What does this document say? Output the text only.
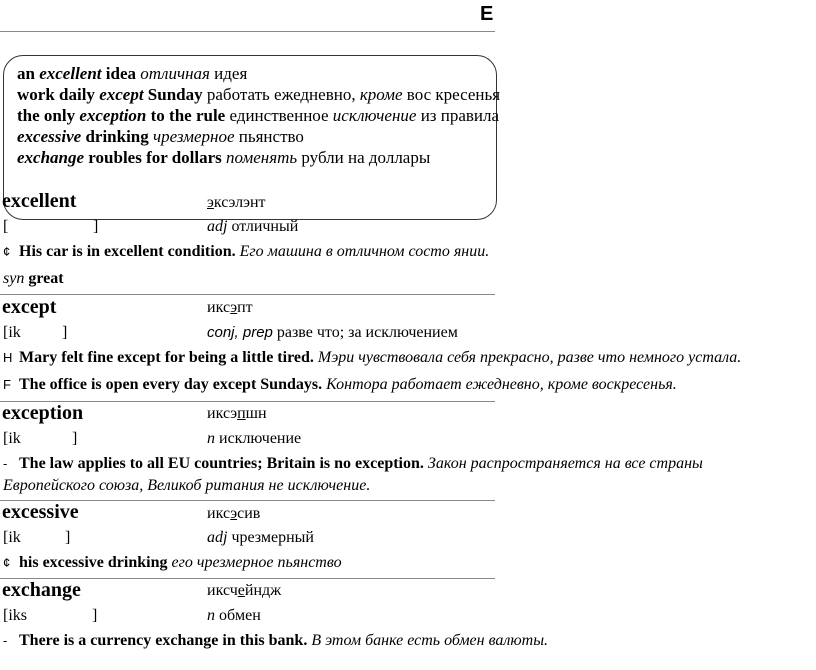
E
an excellent idea отличная идея
work daily except Sunday работать ежедневно, кроме вос кресенья
the only exception to the rule единственное исключение из правила
excessive drinking чрезмерное пьянство
exchange roubles for dollars поменять рубли на доллары
excellent	эксэлэнт
[	]	adj отличный
¢ His car is in excellent condition. Его машина в отличном состо янии.
syn great
except	иксэпт
[ik	]	conj, prep разве что; за исключением
H Mary felt fine except for being a little tired. Мэри чувствовала себя прекрасно, разве что немного устала.
F The office is open every day except Sundays. Контора работает ежедневно, кроме воскресенья.
exception	иксэпшн
[ik	]	n исключение
- The law applies to all EU countries; Britain is no exception. Закон распространяется на все страны
Европейского союза, Великоб ритания не исключение.
excessive	иксэсив
[ik	]	adj чрезмерный
¢ his excessive drinking его чрезмерное пьянство
exchange	иксчейндж
[iks	]	n обмен
- There is a currency exchange in this bank. В этом банке есть обмен валюты.
